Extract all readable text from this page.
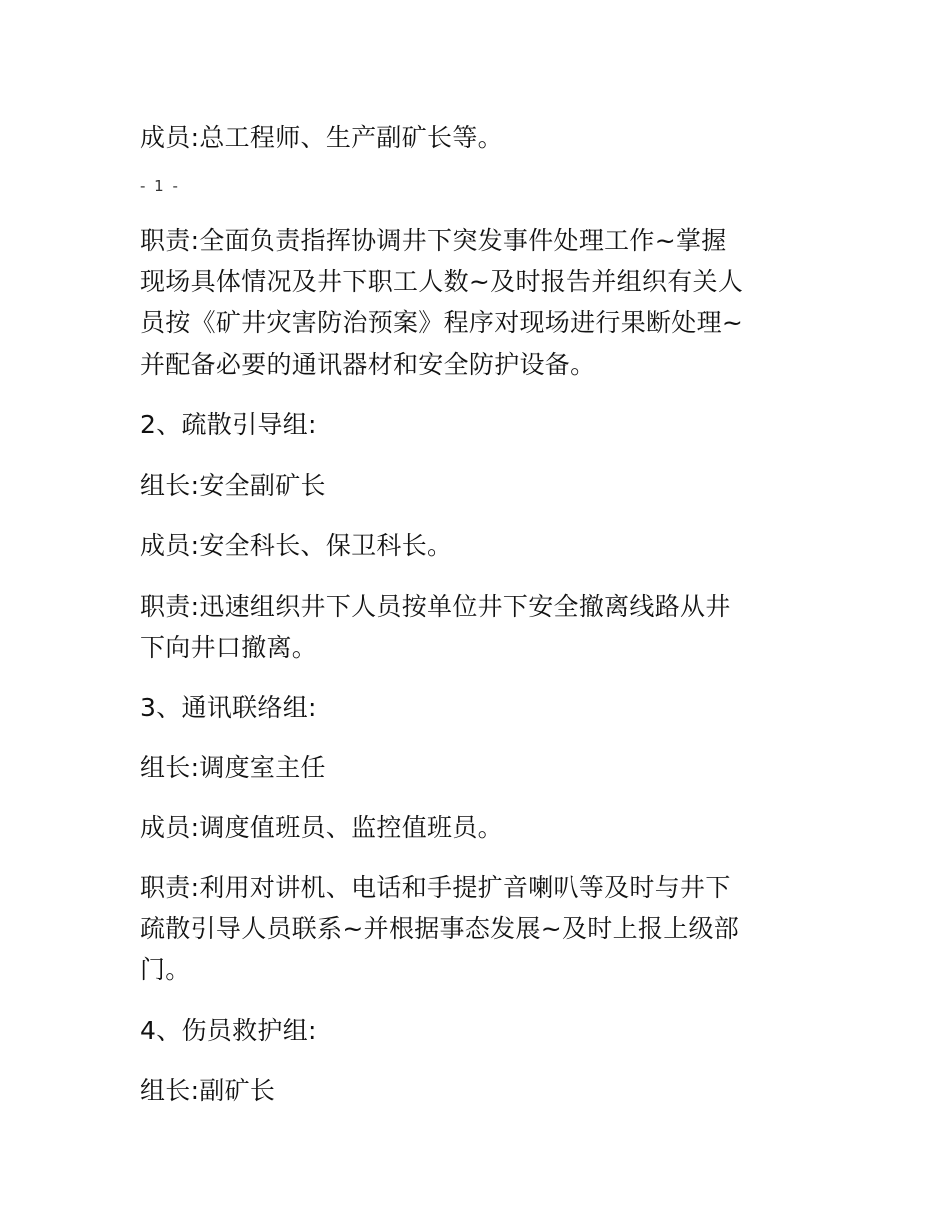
成员:总工程师、生产副矿长等。
- 1 -
职责:全面负责指挥协调井下突发事件处理工作~掌握
现场具体情况及井下职工人数~及时报告并组织有关人
员按《矿井灾害防治预案》程序对现场进行果断处理~
并配备必要的通讯器材和安全防护设备。
2、疏散引导组:
组长:安全副矿长
成员:安全科长、保卫科长。
职责:迅速组织井下人员按单位井下安全撤离线路从井
下向井口撤离。
3、通讯联络组:
组长:调度室主任
成员:调度值班员、监控值班员。
职责:利用对讲机、电话和手提扩音喇叭等及时与井下
疏散引导人员联系~并根据事态发展~及时上报上级部
门。
4、伤员救护组:
组长:副矿长
